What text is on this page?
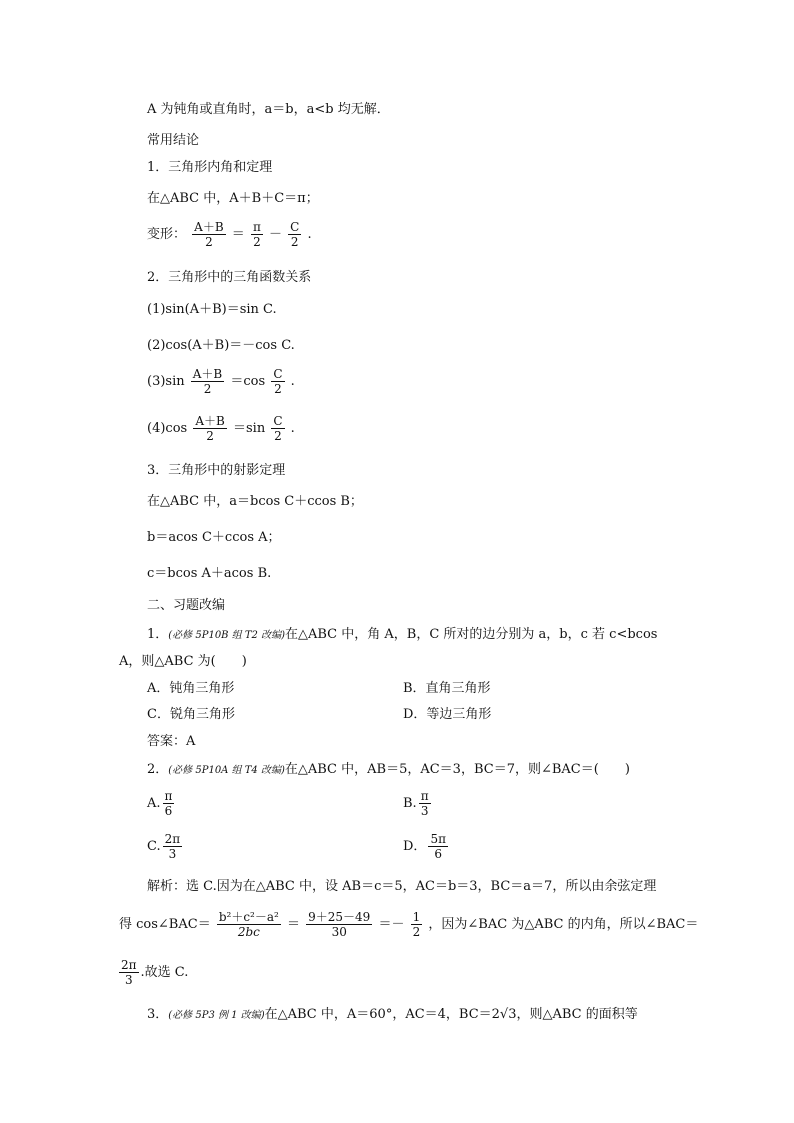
A 为钝角或直角时，a＝b，a<b 均无解．
常用结论
1．三角形内角和定理
在△ABC 中，A＋B＋C＝π；
变形： $\frac{A+B}{2} = \frac{\pi}{2} - \frac{C}{2}$ .
2．三角形中的三角函数关系
(1)sin(A＋B)＝sin C.
(2)cos(A＋B)＝－cos C.
$(3)\sin \frac{A+B}{2} =\cos \frac{C}{2}$ .
$(4)\cos \frac{A+B}{2} =\sin \frac{C}{2}$ .
3．三角形中的射影定理
在△ABC 中，a＝bcos C＋ccos B；
b＝acos C＋ccos A；
c＝bcos A＋acos B.
二、习题改编
1．(必修 5P10B 组 T2 改编)在△ABC 中，角 A，B，C 所对的边分别为 a，b，c 若 c<bcos
A，则△ABC 为(　　)
A．钝角三角形	B．直角三角形
C．锐角三角形	D．等边三角形
答案：A
2．(必修 5P10A 组 T4 改编)在△ABC 中，AB＝5，AC＝3，BC＝7，则∠BAC＝(　　)
A. $\frac{\pi}{6}$	B. $\frac{\pi}{3}$
C. $\frac{2\pi}{3}$	D． $\frac{5\pi}{6}$
解析：选 C.因为在△ABC 中，设 AB＝c＝5，AC＝b＝3，BC＝a＝7，所以由余弦定理
得 cos∠BAC＝ $\frac{\text{b²＋c²－a²}}{2bc} = \frac{9+25-49}{30} =- \frac{1}{2}$ ，因为∠BAC 为△ABC 的内角，所以∠BAC＝
$\frac{2\pi}{3}$ .故选 C.
3．(必修 5P3 例 1 改编)在△ABC 中，A＝60°，AC＝4，BC＝2√3，则△ABC 的面积等
